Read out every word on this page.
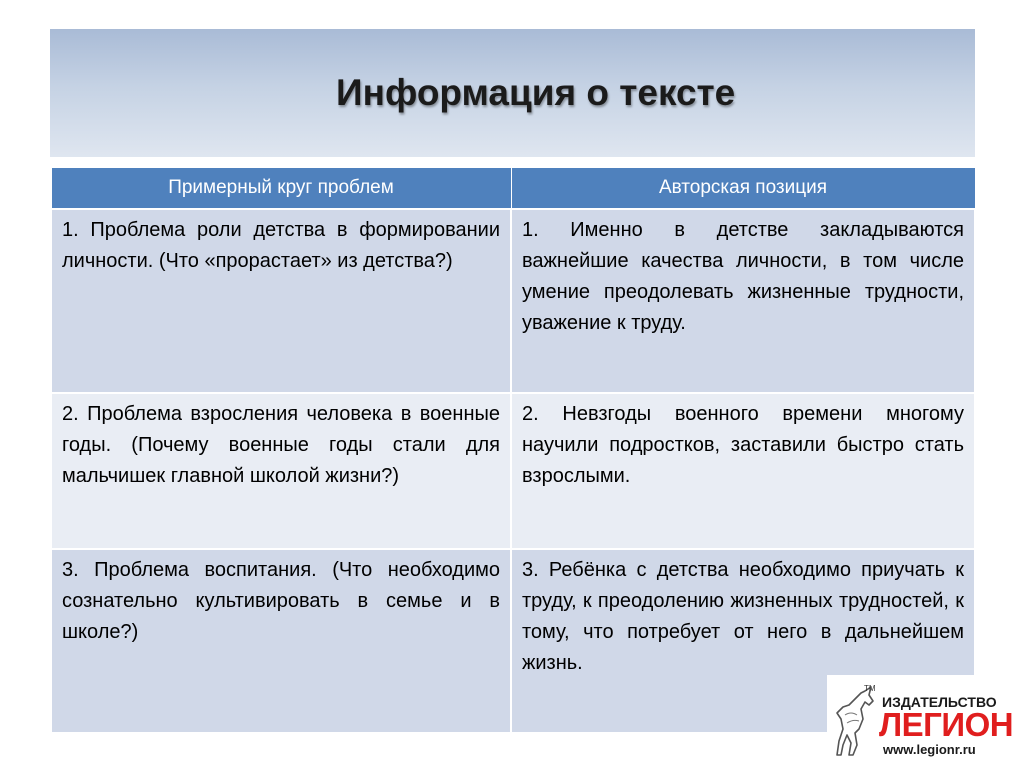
Информация о тексте
Примерный круг проблем	Авторская позиция
1. Проблема роли детства в формировании личности. (Что «прорастает» из детства?)	1. Именно в детстве закладываются важнейшие качества личности, в том числе умение преодолевать жизненные трудности, уважение к труду.
2. Проблема взросления человека в военные годы. (Почему военные годы стали для мальчишек главной школой жизни?)	2. Невзгоды военного времени многому научили подростков, заставили быстро стать взрослыми.
3. Проблема воспитания. (Что необходимо сознательно культивировать в семье и в школе?)	3. Ребёнка с детства необходимо приучать к труду, к преодолению жизненных трудностей, к тому, что потребует от него в дальнейшем жизнь.
TM
ИЗДАТЕЛЬСТВО
ЛЕГИОН
www.legionr.ru
